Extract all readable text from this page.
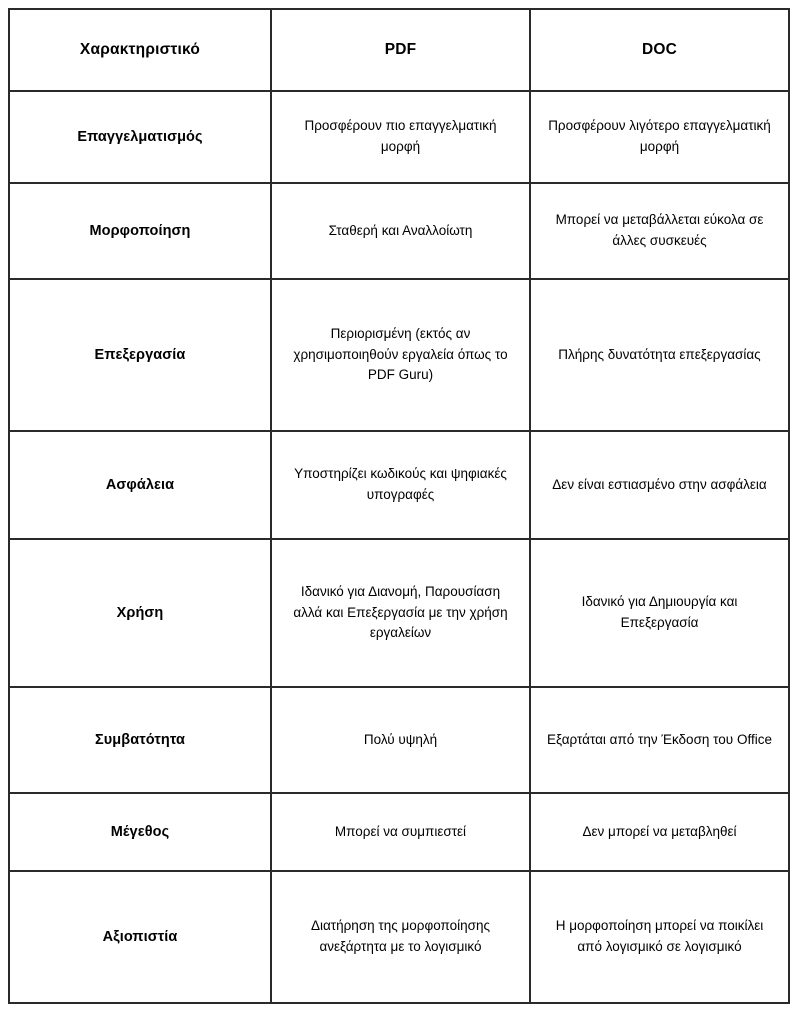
Χαρακτηριστικό	PDF	DOC
Επαγγελματισμός	Προσφέρουν πιο επαγγελματική μορφή	Προσφέρουν λιγότερο επαγγελματική μορφή
Μορφοποίηση	Σταθερή και Αναλλοίωτη	Μπορεί να μεταβάλλεται εύκολα σε άλλες συσκευές
Επεξεργασία	Περιορισμένη (εκτός αν χρησιμοποιηθούν εργαλεία όπως το PDF Guru)	Πλήρης δυνατότητα επεξεργασίας
Ασφάλεια	Υποστηρίζει κωδικούς και ψηφιακές υπογραφές	Δεν είναι εστιασμένο στην ασφάλεια
Χρήση	Ιδανικό για Διανομή, Παρουσίαση αλλά και Επεξεργασία με την χρήση εργαλείων	Ιδανικό για Δημιουργία και Επεξεργασία
Συμβατότητα	Πολύ υψηλή	Εξαρτάται από την Έκδοση του Office
Μέγεθος	Μπορεί να συμπιεστεί	Δεν μπορεί να μεταβληθεί
Αξιοπιστία	Διατήρηση της μορφοποίησης ανεξάρτητα με το λογισμικό	Η μορφοποίηση μπορεί να ποικίλει από λογισμικό σε λογισμικό
